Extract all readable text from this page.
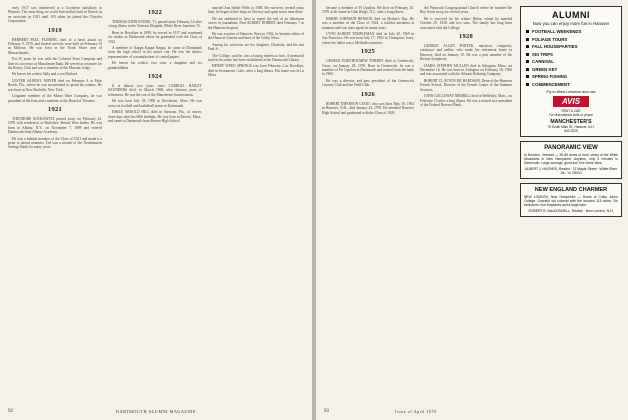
early 1917 was transferred to a Goodyear subsidiary in Phoenix. The same thing we could find and his back in Detroit as an associate in 1921 until 193 when he joined the Chrysler Corporation.

1919

HERBERT PAUL FLEMING died of a heart attack on February 9, 1970, and funeral services were held on February 13 in Melrose. He was born in the North Shore area of Massachusetts.

For 35 years he was with the Colonial Trust Company and later its successor at Manchester Bank. He served as treasurer for the Rotary Club and was a member of the Masonic lodge.

He leaves his widow Sally and a son Richard.

LESTER SAMUEL MAYER died on February 4 at Palm Beach, Fla., where he was accustomed to spend his winters. He was born in New Rochelle, New York.

Longtime member of the Morse Shoe Company, he was president of the firm and a member of the Board of Trustees.

1921

THEODORE SOCKOWITZ passed away on February 24, 1970 with residences at Berkshire, British West Indies. He was born in Albany, N.Y., on November 7, 1898 and entered Dartmouth from Albany Academy.

He was a faithful member of the Class of 1921 and made it a point to attend reunions. Ted was a trustee of the Northeastern Savings Bank for many years.

1922

THOMAS JOHN BYRNE, 71, passed away February 14 after a long illness in the Veterans Hospital, White River Junction, Vt.

Born in Brooklyn in 1899, he served in 1917 and continued his studies at Dartmouth where he graduated with the Class of 1922.

A member of Kappa Kappa Kappa, he came to Dartmouth from the high school in his native city. He was the district representative of a manufacturer of coated papers.

He leaves his widow, two sons, a daughter and six grandchildren.

1924

It is almost two years since CARROLL BAILEY SAUNDERS died, in March 1968, after thirteen years of retirement. He was the son of the Manchester businessman.

He was born July 18, 1900 in Dorchester, Mass. He was active in football and basketball teams at Dartmouth.

EMILE ARNOLD HILL died in Sarasota, Fla., of cancer, three days after his 68th birthday. He was born in Revere, Mass., and came to Dartmouth from Revere High School.

married Ann Sahler Wells in 1948. She survives, several years later, he began to hire ships in Norway and spent much time there.

We are saddened to have to report the end of an illustrious career in journalism. Paul ALBERT ROBERT died February 7 in the Hanover hospital.

He was a native of Hanover. Born in 1902, he became editor of the Hanover Gazette and later of the Valley News.

Among his survivors are his daughter, Charlotte, and his son Paul Jr.

The College, said he, was a lasting interest to him. A memorial fund in his name has been established at the Dartmouth Library.

HENRY WEED SPRINGS was born February 2 in Brooklyn, died in Grossmont, Calif., after a long illness. His home was in La Mesa.

92	DARTMOUTH ALUMNI MAGAZINE

became a member of Pi Upsilon. He died on February 20, 1970 at his home in Glen Ridge, N.J., after a long illness.

HARRY JOHNSON BENSON died on Mother's Day. He was a member of the Class of 1924, a faithful attendant at reunions and was class agent for many years.

LYNN ALBERT TEMPLEMAN died on July 20, 1969 in San Francisco. He was born July 17, 1902 in Thompson, Iowa, where his father was a Methodist minister.

1925

GEORGE BARTHOLMEW TORREY died at Greenwich, Conn., on January 28, 1970. Born in Greenwich, he was a member of Psi Upsilon at Dartmouth and retired from the bank in 1965.

He was a director and past president of the Greenwich Country Club and the Field Club.

1926

ROBERT EMERSON GOOD, who was born May 30, 1904 in Hanover, N.H., died January 24, 1970. He attended Hanover High School and graduated with the Class of 1926.

the Plymouth Congregational Church where he founded the Boy Scout troop for several years.

He is survived by his widow Helen, whom he married October 29, 1928, and two sons. The family has long been associated with the College.

1928

GEORGE ALLEN PORTER, musician, composer, conductor and author, who made his retirement home in Hanover, died on January 10. He was a past member of the Boston Symphony.

JAMES STEPHEN MULLEN died in Arlington, Mass., on December 16. He was born in Arlington on February 18, 1906 and was associated with the Atlantic Refining Company.

ROBERT CLAYTON RICHARDSON, Dean of the Hanover French School, Director of the French Center of the Summer Sessions.

JOHN GALLOWAY MERRILL died in Wellesley, Mass., on February 13 after a long illness. He was a retired vice-president of the Federal Reserve Bank.

93	Issue of April 1970
ALUMNI
Now you can enjoy more fun in Hanover
FOOTBALL WEEKENDS
FOLIAGE TOURS
FALL HOUSEPARTIES
SKI TRIPS
CARNIVAL
GREEN KEY
SPRING FISHING
COMMENCEMENT
Fly to West Lebanon and use
AVIS
RENT A CAR
For reservations write or phone
MANCHESTER'S
75 South Main St., Hanover, N.H.
643-3225
PANORAMIC VIEW
In Norwich, Vermont — 50-60 acres of land, views of the White Mountains in New Hampshire. Anytime, only 5 minutes to Dartmouth. Large acreage, good soil, fine home sites.
ALBERT J. HUGHES, Realtor · 11 Maple Street · White River Jct., Vt. 05001
NEW ENGLAND CHARMER
NEW LONDON, New Hampshire — Home of Colby Junior College. Graceful old colonial with the wooded 115 acres. Six bedrooms, four fireplaces and a large barn.
ROBERT B. MacDONNELL, Realtor · New London, N.H.
